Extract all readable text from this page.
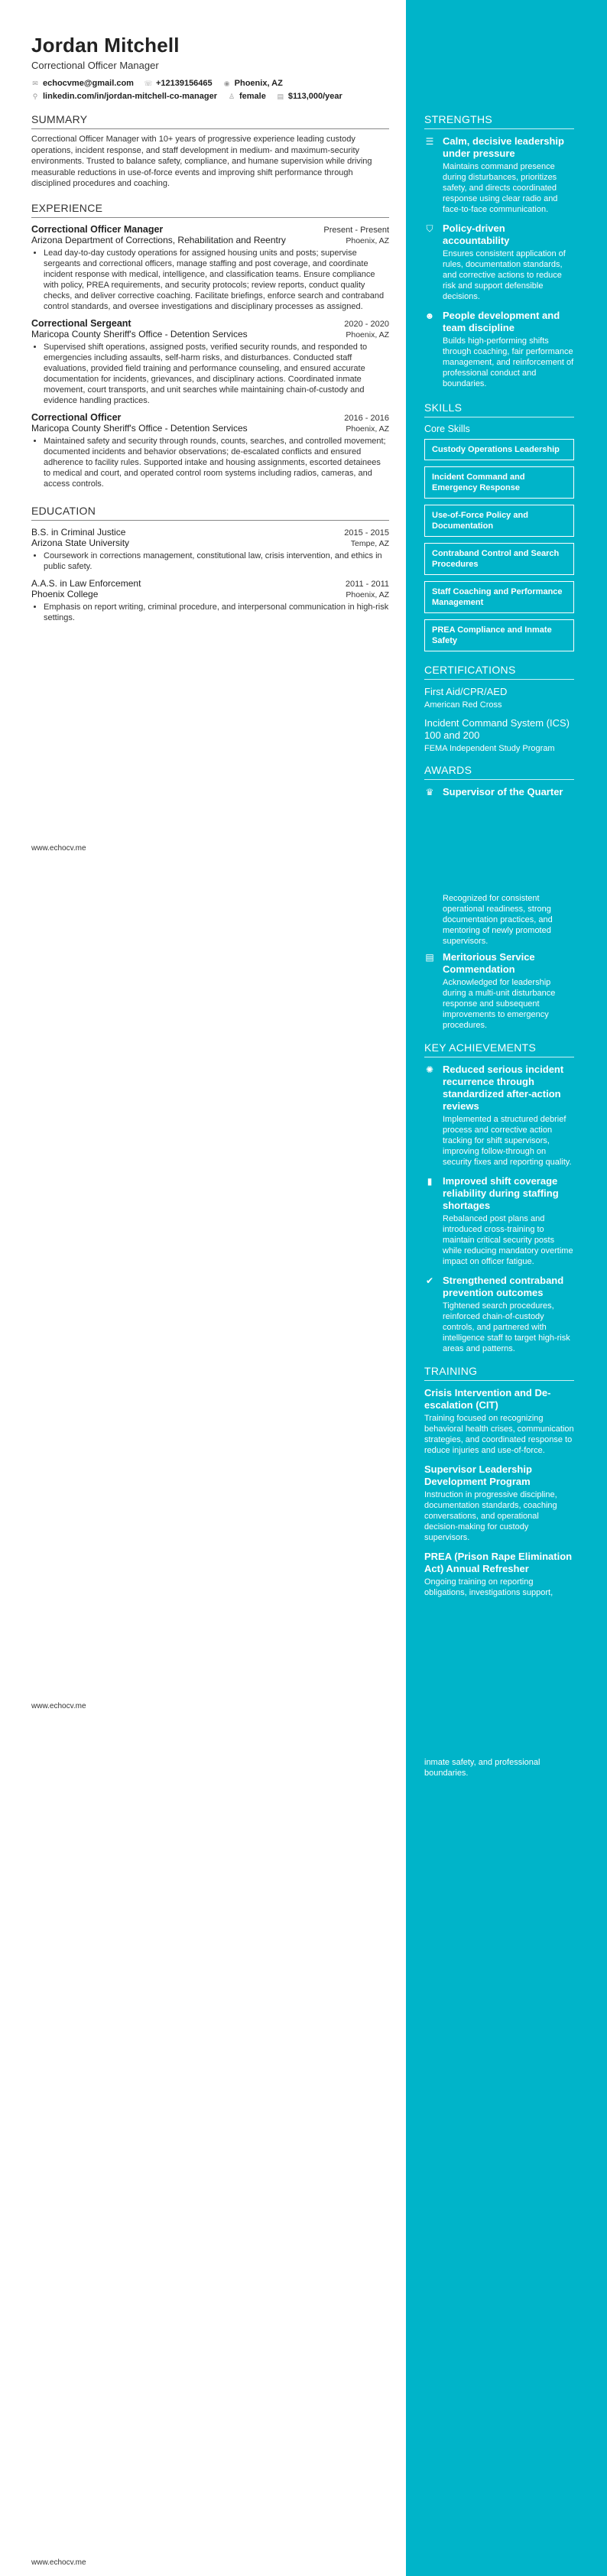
Jordan Mitchell
Correctional Officer Manager
✉ echocvme@gmail.com ☏ +12139156465 ◉ Phoenix, AZ
⚲ linkedin.com/in/jordan-mitchell-co-manager ♙ female ▤ $113,000/year
SUMMARY
Correctional Officer Manager with 10+ years of progressive experience leading custody operations, incident response, and staff development in medium- and maximum-security environments. Trusted to balance safety, compliance, and humane supervision while driving measurable reductions in use-of-force events and improving shift performance through disciplined procedures and coaching.
EXPERIENCE
Correctional Officer Manager	Present - Present
Arizona Department of Corrections, Rehabilitation and Reentry	Phoenix, AZ
• Lead day-to-day custody operations for assigned housing units and posts; supervise sergeants and correctional officers, manage staffing and post coverage, and coordinate incident response with medical, intelligence, and classification teams. Ensure compliance with policy, PREA requirements, and security protocols; review reports, conduct quality checks, and deliver corrective coaching. Facilitate briefings, enforce search and contraband control standards, and oversee investigations and disciplinary processes as assigned.
Correctional Sergeant	2020 - 2020
Maricopa County Sheriff's Office - Detention Services	Phoenix, AZ
• Supervised shift operations, assigned posts, verified security rounds, and responded to emergencies including assaults, self-harm risks, and disturbances. Conducted staff evaluations, provided field training and performance counseling, and ensured accurate documentation for incidents, grievances, and disciplinary actions. Coordinated inmate movement, court transports, and unit searches while maintaining chain-of-custody and evidence handling practices.
Correctional Officer	2016 - 2016
Maricopa County Sheriff's Office - Detention Services	Phoenix, AZ
• Maintained safety and security through rounds, counts, searches, and controlled movement; documented incidents and behavior observations; de-escalated conflicts and ensured adherence to facility rules. Supported intake and housing assignments, escorted detainees to medical and court, and operated control room systems including radios, cameras, and access controls.
EDUCATION
B.S. in Criminal Justice	2015 - 2015
Arizona State University	Tempe, AZ
• Coursework in corrections management, constitutional law, crisis intervention, and ethics in public safety.
A.A.S. in Law Enforcement	2011 - 2011
Phoenix College	Phoenix, AZ
• Emphasis on report writing, criminal procedure, and interpersonal communication in high-risk settings.
www.echocv.me
www.echocv.me
www.echocv.me
STRENGTHS
☰ Calm, decisive leadership under pressure
Maintains command presence during disturbances, prioritizes safety, and directs coordinated response using clear radio and face-to-face communication.
⛉ Policy-driven accountability
Ensures consistent application of rules, documentation standards, and corrective actions to reduce risk and support defensible decisions.
☻ People development and team discipline
Builds high-performing shifts through coaching, fair performance management, and reinforcement of professional conduct and boundaries.
SKILLS
Core Skills
Custody Operations Leadership
Incident Command and Emergency Response
Use-of-Force Policy and Documentation
Contraband Control and Search Procedures
Staff Coaching and Performance Management
PREA Compliance and Inmate Safety
CERTIFICATIONS
First Aid/CPR/AED
American Red Cross
Incident Command System (ICS) 100 and 200
FEMA Independent Study Program
AWARDS
♛ Supervisor of the Quarter
Recognized for consistent operational readiness, strong documentation practices, and mentoring of newly promoted supervisors.
▤ Meritorious Service Commendation
Acknowledged for leadership during a multi-unit disturbance response and subsequent improvements to emergency procedures.
KEY ACHIEVEMENTS
✺ Reduced serious incident recurrence through standardized after-action reviews
Implemented a structured debrief process and corrective action tracking for shift supervisors, improving follow-through on security fixes and reporting quality.
▮ Improved shift coverage reliability during staffing shortages
Rebalanced post plans and introduced cross-training to maintain critical security posts while reducing mandatory overtime impact on officer fatigue.
✔ Strengthened contraband prevention outcomes
Tightened search procedures, reinforced chain-of-custody controls, and partnered with intelligence staff to target high-risk areas and patterns.
TRAINING
Crisis Intervention and De-escalation (CIT)
Training focused on recognizing behavioral health crises, communication strategies, and coordinated response to reduce injuries and use-of-force.
Supervisor Leadership Development Program
Instruction in progressive discipline, documentation standards, coaching conversations, and operational decision-making for custody supervisors.
PREA (Prison Rape Elimination Act) Annual Refresher
Ongoing training on reporting obligations, investigations support,
inmate safety, and professional boundaries.
